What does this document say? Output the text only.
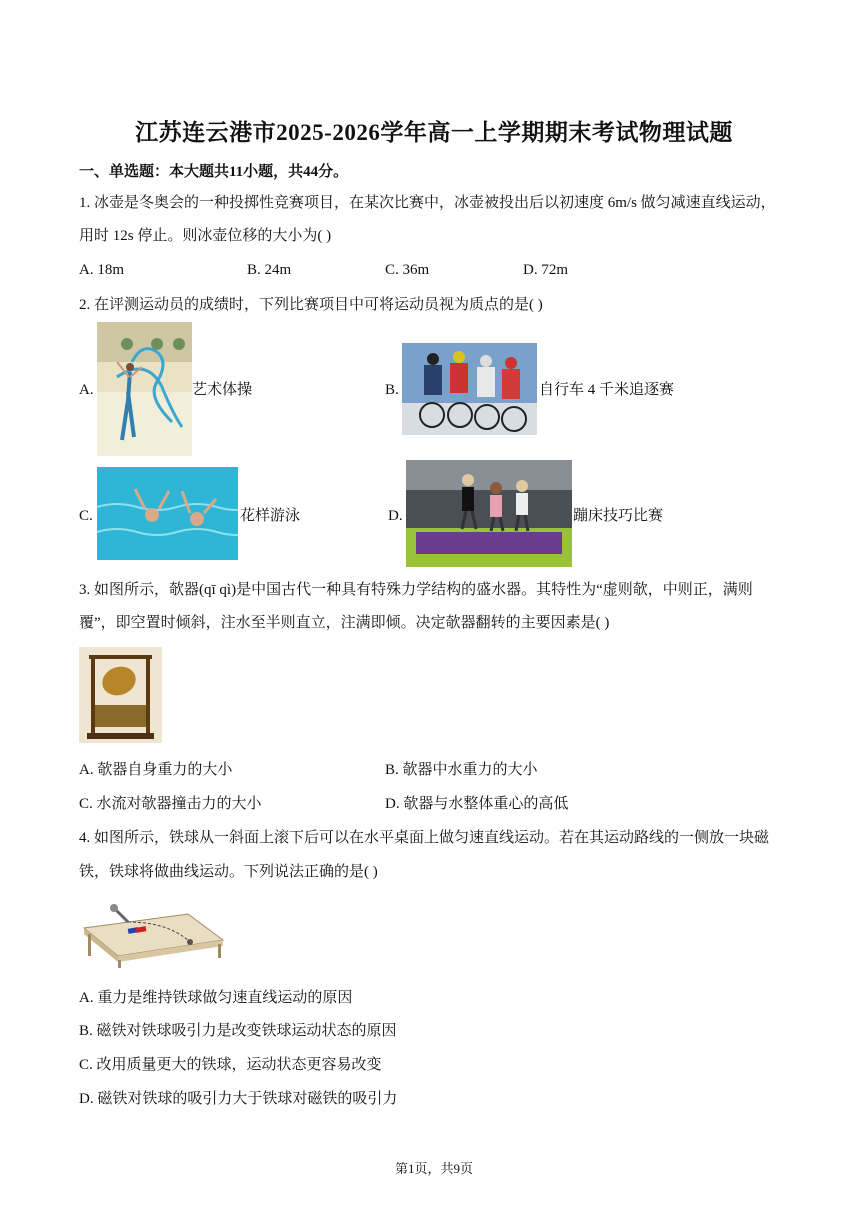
江苏连云港市2025-2026学年高一上学期期末考试物理试题
一、单选题：本大题共11小题，共44分。
1. 冰壶是冬奥会的一种投掷性竞赛项目，在某次比赛中，冰壶被投出后以初速度 6m/s 做匀减速直线运动，
用时 12s 停止。则冰壶位移的大小为( )
A. 18m	B. 24m	C. 36m	D. 72m
2. 在评测运动员的成绩时，下列比赛项目中可将运动员视为质点的是( )
A.	艺术体操	B.	自行车 4 千米追逐赛
C.	花样游泳	D.	蹦床技巧比赛
3. 如图所示，欹器(qī qì)是中国古代一种具有特殊力学结构的盛水器。其特性为“虚则欹，中则正，满则
覆”，即空置时倾斜，注水至半则直立，注满即倾。决定欹器翻转的主要因素是( )
A. 欹器自身重力的大小	B. 欹器中水重力的大小
C. 水流对欹器撞击力的大小	D. 欹器与水整体重心的高低
4. 如图所示，铁球从一斜面上滚下后可以在水平桌面上做匀速直线运动。若在其运动路线的一侧放一块磁
铁，铁球将做曲线运动。下列说法正确的是( )
A. 重力是维持铁球做匀速直线运动的原因
B. 磁铁对铁球吸引力是改变铁球运动状态的原因
C. 改用质量更大的铁球，运动状态更容易改变
D. 磁铁对铁球的吸引力大于铁球对磁铁的吸引力
第1页，共9页
